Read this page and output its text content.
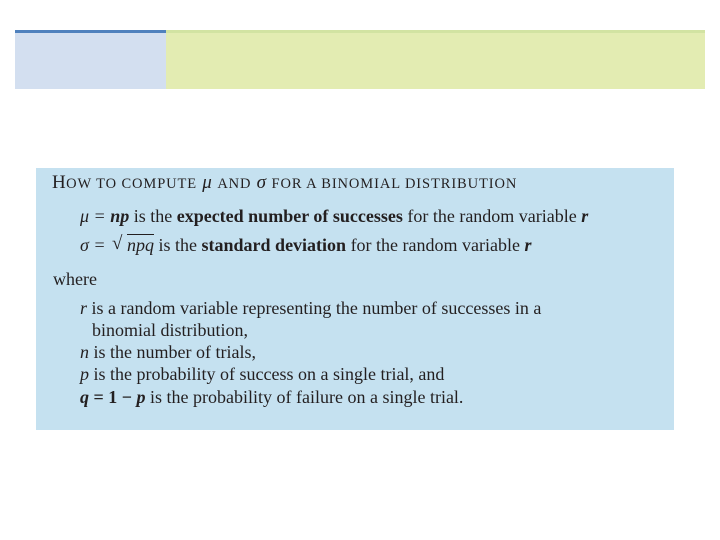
HOW TO COMPUTE μ AND σ FOR A BINOMIAL DISTRIBUTION
μ = np is the expected number of successes for the random variable r
σ = √ npq is the standard deviation for the random variable r
where
r is a random variable representing the number of successes in a
binomial distribution,
n is the number of trials,
p is the probability of success on a single trial, and
q = 1 − p is the probability of failure on a single trial.
